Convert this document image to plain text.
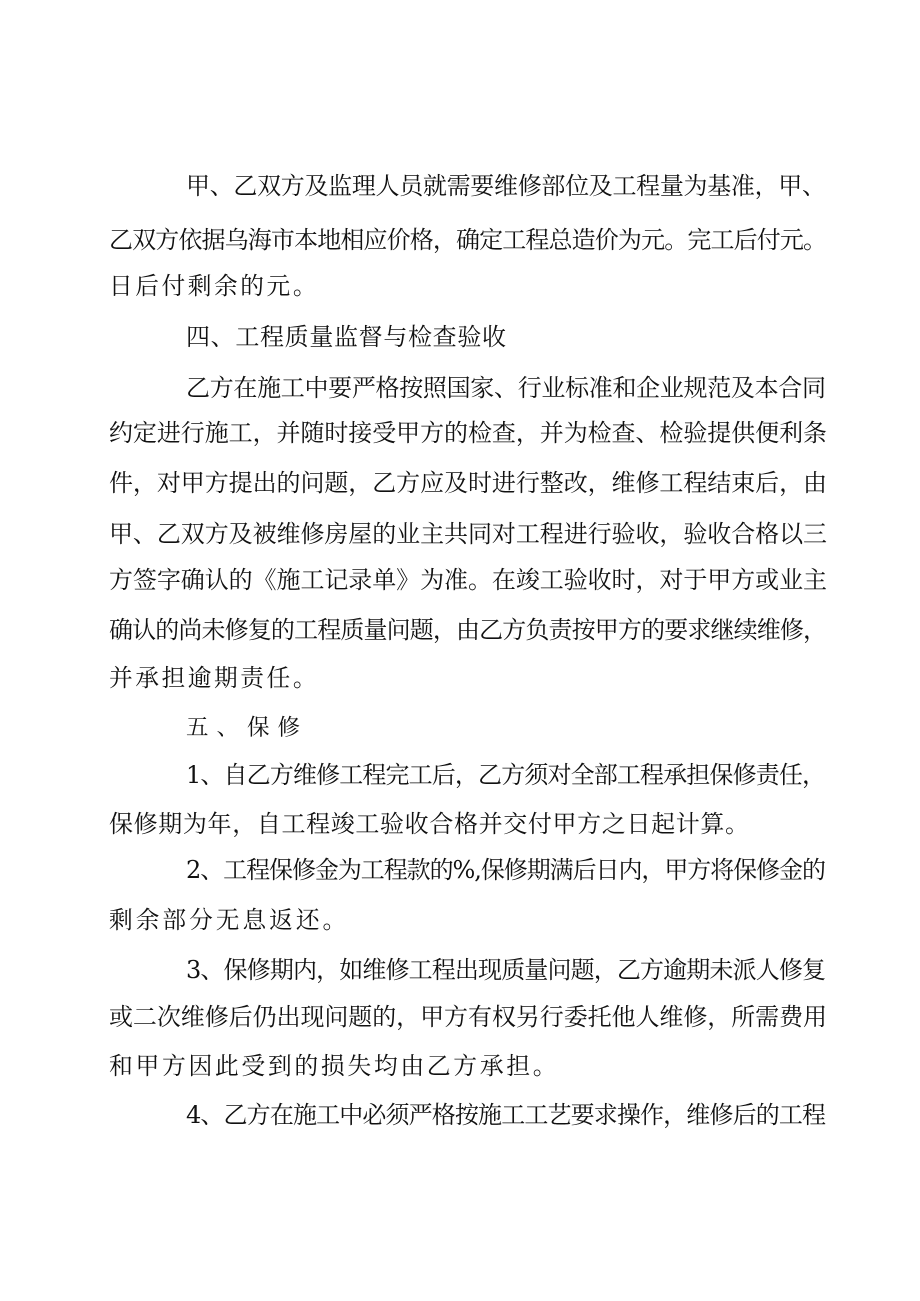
甲、乙双方及监理人员就需要维修部位及工程量为基准，甲、
乙双方依据乌海市本地相应价格，确定工程总造价为元。完工后付元。
日后付剩余的元。
四、工程质量监督与检查验收
乙方在施工中要严格按照国家、行业标准和企业规范及本合同
约定进行施工，并随时接受甲方的检查，并为检查、检验提供便利条
件，对甲方提出的问题，乙方应及时进行整改，维修工程结束后，由
甲、乙双方及被维修房屋的业主共同对工程进行验收，验收合格以三
方签字确认的《施工记录单》为准。在竣工验收时，对于甲方或业主
确认的尚未修复的工程质量问题，由乙方负责按甲方的要求继续维修，
并承担逾期责任。
五、保修
1、自乙方维修工程完工后，乙方须对全部工程承担保修责任，
保修期为年，自工程竣工验收合格并交付甲方之日起计算。
2、工程保修金为工程款的%,保修期满后日内，甲方将保修金的
剩余部分无息返还。
3、保修期内，如维修工程出现质量问题，乙方逾期未派人修复
或二次维修后仍出现问题的，甲方有权另行委托他人维修，所需费用
和甲方因此受到的损失均由乙方承担。
4、乙方在施工中必须严格按施工工艺要求操作，维修后的工程
